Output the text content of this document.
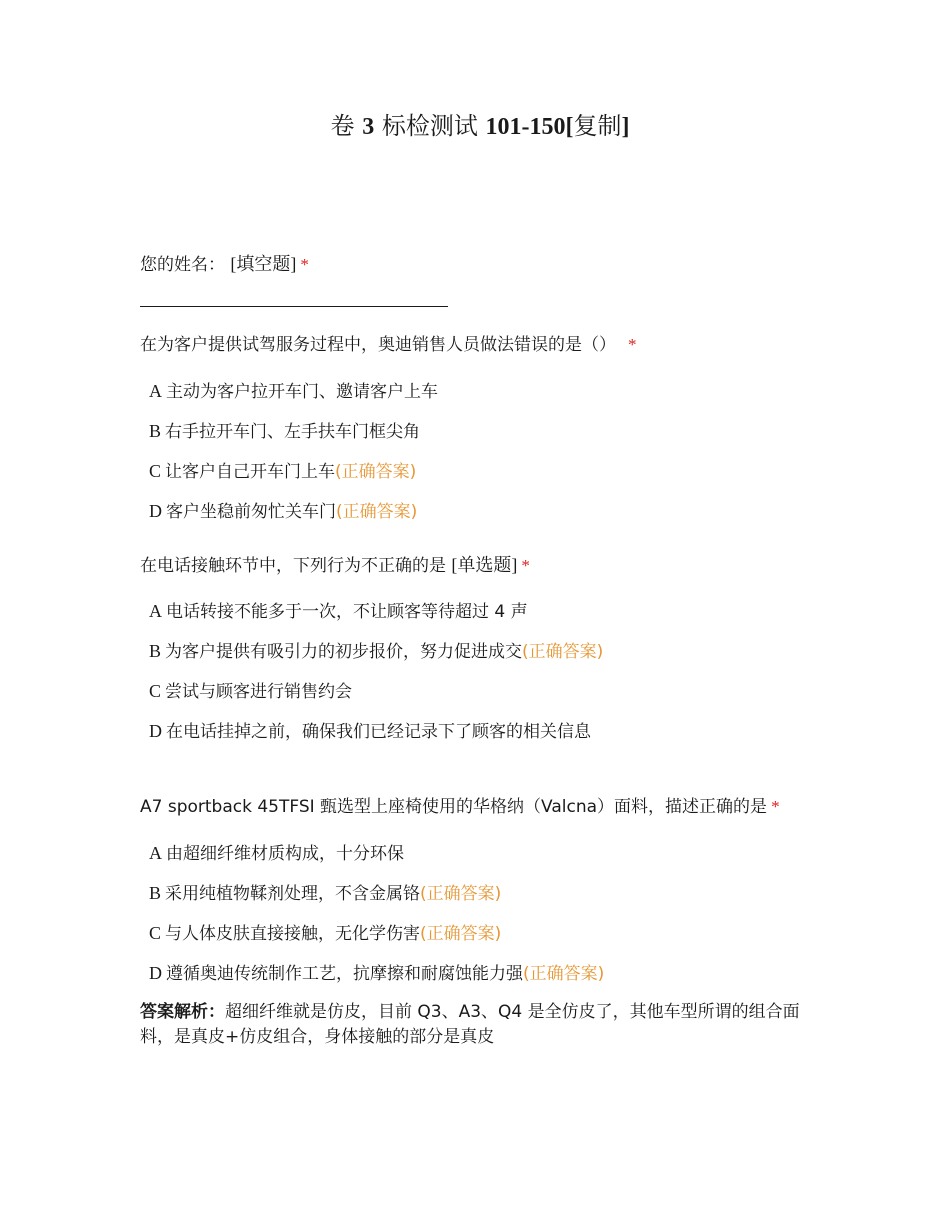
卷 3 标检测试 101-150[复制]
您的姓名： [填空题] *
在为客户提供试驾服务过程中，奥迪销售人员做法错误的是（） *
A 主动为客户拉开车门、邀请客户上车
B 右手拉开车门、左手扶车门框尖角
C 让客户自己开车门上车(正确答案)
D 客户坐稳前匆忙关车门(正确答案)
在电话接触环节中，下列行为不正确的是 [单选题] *
A 电话转接不能多于一次，不让顾客等待超过 4 声
B 为客户提供有吸引力的初步报价，努力促进成交(正确答案)
C 尝试与顾客进行销售约会
D 在电话挂掉之前，确保我们已经记录下了顾客的相关信息
A7 sportback 45TFSI 甄选型上座椅使用的华格纳（Valcna）面料，描述正确的是 *
A 由超细纤维材质构成，十分环保
B 采用纯植物鞣剂处理，不含金属铬(正确答案)
C 与人体皮肤直接接触，无化学伤害(正确答案)
D 遵循奥迪传统制作工艺，抗摩擦和耐腐蚀能力强(正确答案)
答案解析：超细纤维就是仿皮，目前 Q3、A3、Q4 是全仿皮了，其他车型所谓的组合面料，是真皮+仿皮组合，身体接触的部分是真皮
